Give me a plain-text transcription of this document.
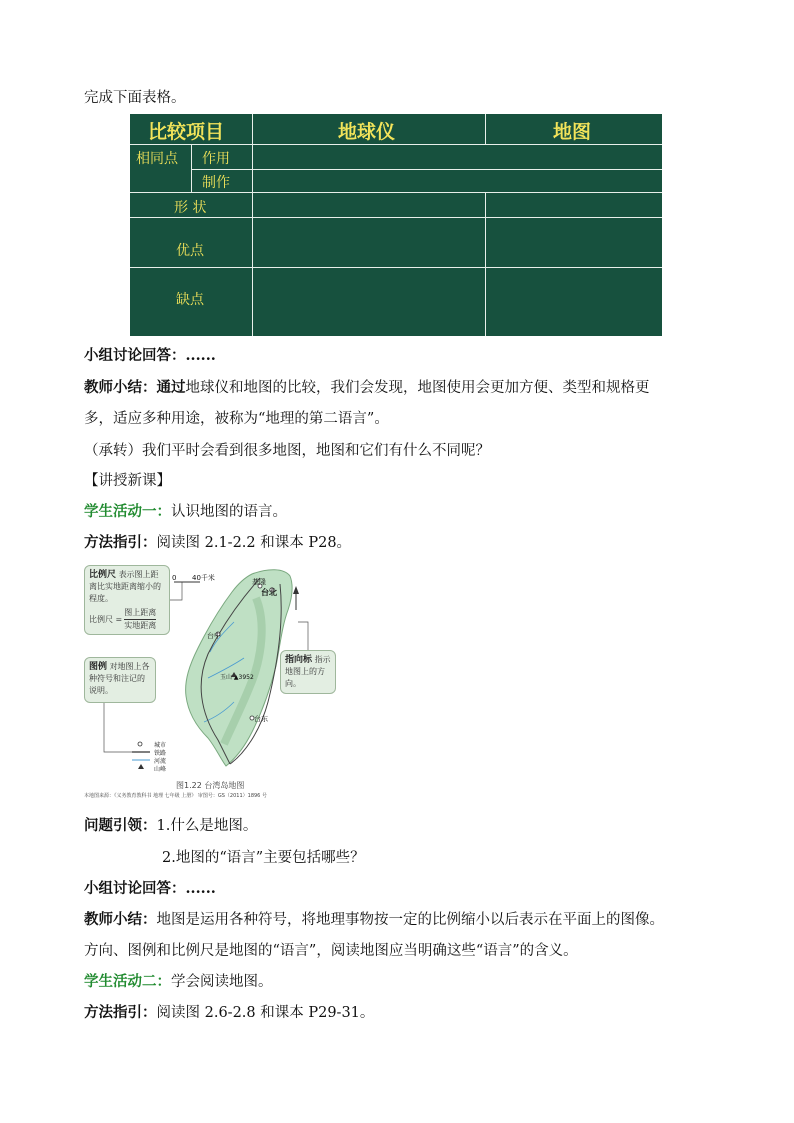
完成下面表格。
比较项目	地球仪	地图
相同点 作用
制作
形 状
优点
缺点
小组讨论回答：......
教师小结：通过地球仪和地图的比较，我们会发现，地图使用会更加方便、类型和规格更
多，适应多种用途，被称为“地理的第二语言”。
（承转）我们平时会看到很多地图，地图和它们有什么不同呢？
【讲授新课】
学生活动一：认识地图的语言。
方法指引：阅读图 2.1-2.2 和课本 P28。
比例尺 表示图上距离比实地距离缩小的程度。
比例尺 =
图上距离
实地距离
图例 对地图上各种符号和注记的说明。
指向标 指示地图上的方向。
0 40千米	基隆
台北
台中
台东
玉山 ▲3952
城市
铁路
河流
山峰
图1.22 台湾岛地图
本地图来源：《义务教育教科书 地理 七年级 上册》 审图号：GS（2011）1896 号
问题引领：1.什么是地图。
2.地图的“语言”主要包括哪些？
小组讨论回答：......
教师小结：地图是运用各种符号，将地理事物按一定的比例缩小以后表示在平面上的图像。
方向、图例和比例尺是地图的“语言”，阅读地图应当明确这些“语言”的含义。
学生活动二：学会阅读地图。
方法指引：阅读图 2.6-2.8 和课本 P29-31。
